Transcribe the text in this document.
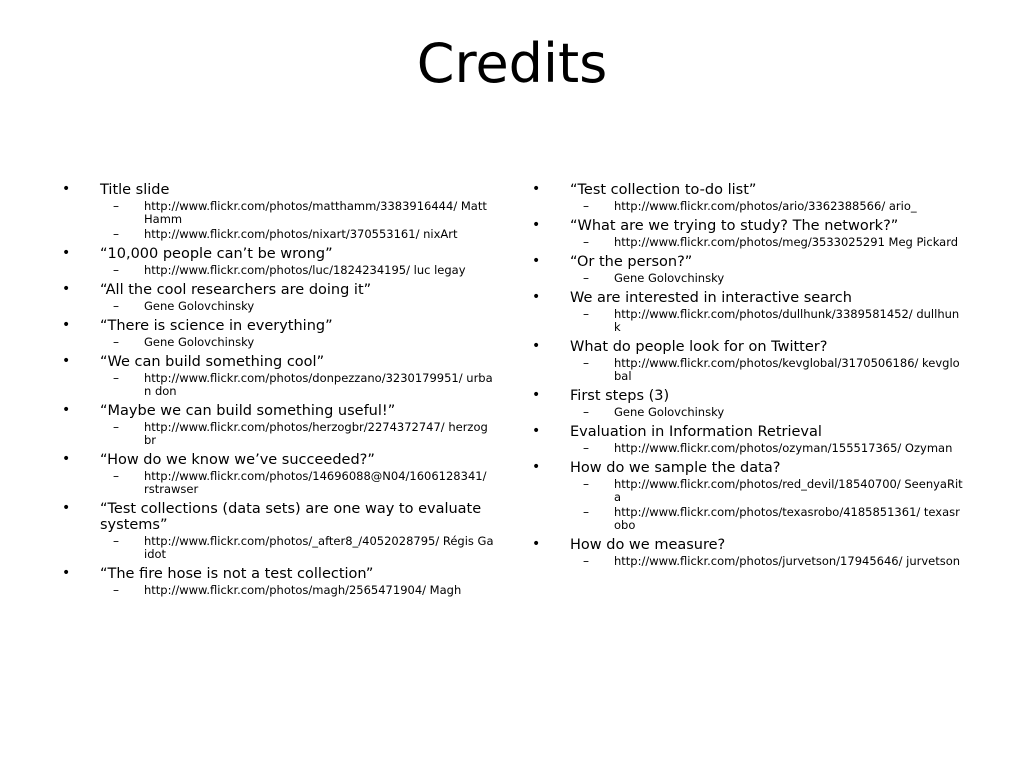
Credits
• Title slide
– http://www.flickr.com/photos/matthamm/3383916444/ Matt Hamm
– http://www.flickr.com/photos/nixart/370553161/ nixArt
• “10,000 people can’t be wrong”
– http://www.flickr.com/photos/luc/1824234195/ luc legay
• “All the cool researchers are doing it”
– Gene Golovchinsky
• “There is science in everything”
– Gene Golovchinsky
• “We can build something cool”
– http://www.flickr.com/photos/donpezzano/3230179951/ urban don
• “Maybe we can build something useful!”
– http://www.flickr.com/photos/herzogbr/2274372747/ herzogbr
• “How do we know we’ve succeeded?”
– http://www.flickr.com/photos/14696088@N04/1606128341/ rstrawser
• “Test collections (data sets) are one way to evaluate systems”
– http://www.flickr.com/photos/_after8_/4052028795/ Régis Gaidot
• “The fire hose is not a test collection”
– http://www.flickr.com/photos/magh/2565471904/ Magh
• “Test collection to-do list”
– http://www.flickr.com/photos/ario/3362388566/ ario_
• “What are we trying to study? The network?”
– http://www.flickr.com/photos/meg/3533025291 Meg Pickard
• “Or the person?”
– Gene Golovchinsky
• We are interested in interactive search
– http://www.flickr.com/photos/dullhunk/3389581452/ dullhunk
• What do people look for on Twitter?
– http://www.flickr.com/photos/kevglobal/3170506186/ kevglobal
• First steps (3)
– Gene Golovchinsky
• Evaluation in Information Retrieval
– http://www.flickr.com/photos/ozyman/155517365/ Ozyman
• How do we sample the data?
– http://www.flickr.com/photos/red_devil/18540700/ SeenyaRita
– http://www.flickr.com/photos/texasrobo/4185851361/ texasrobo
• How do we measure?
– http://www.flickr.com/photos/jurvetson/17945646/ jurvetson
